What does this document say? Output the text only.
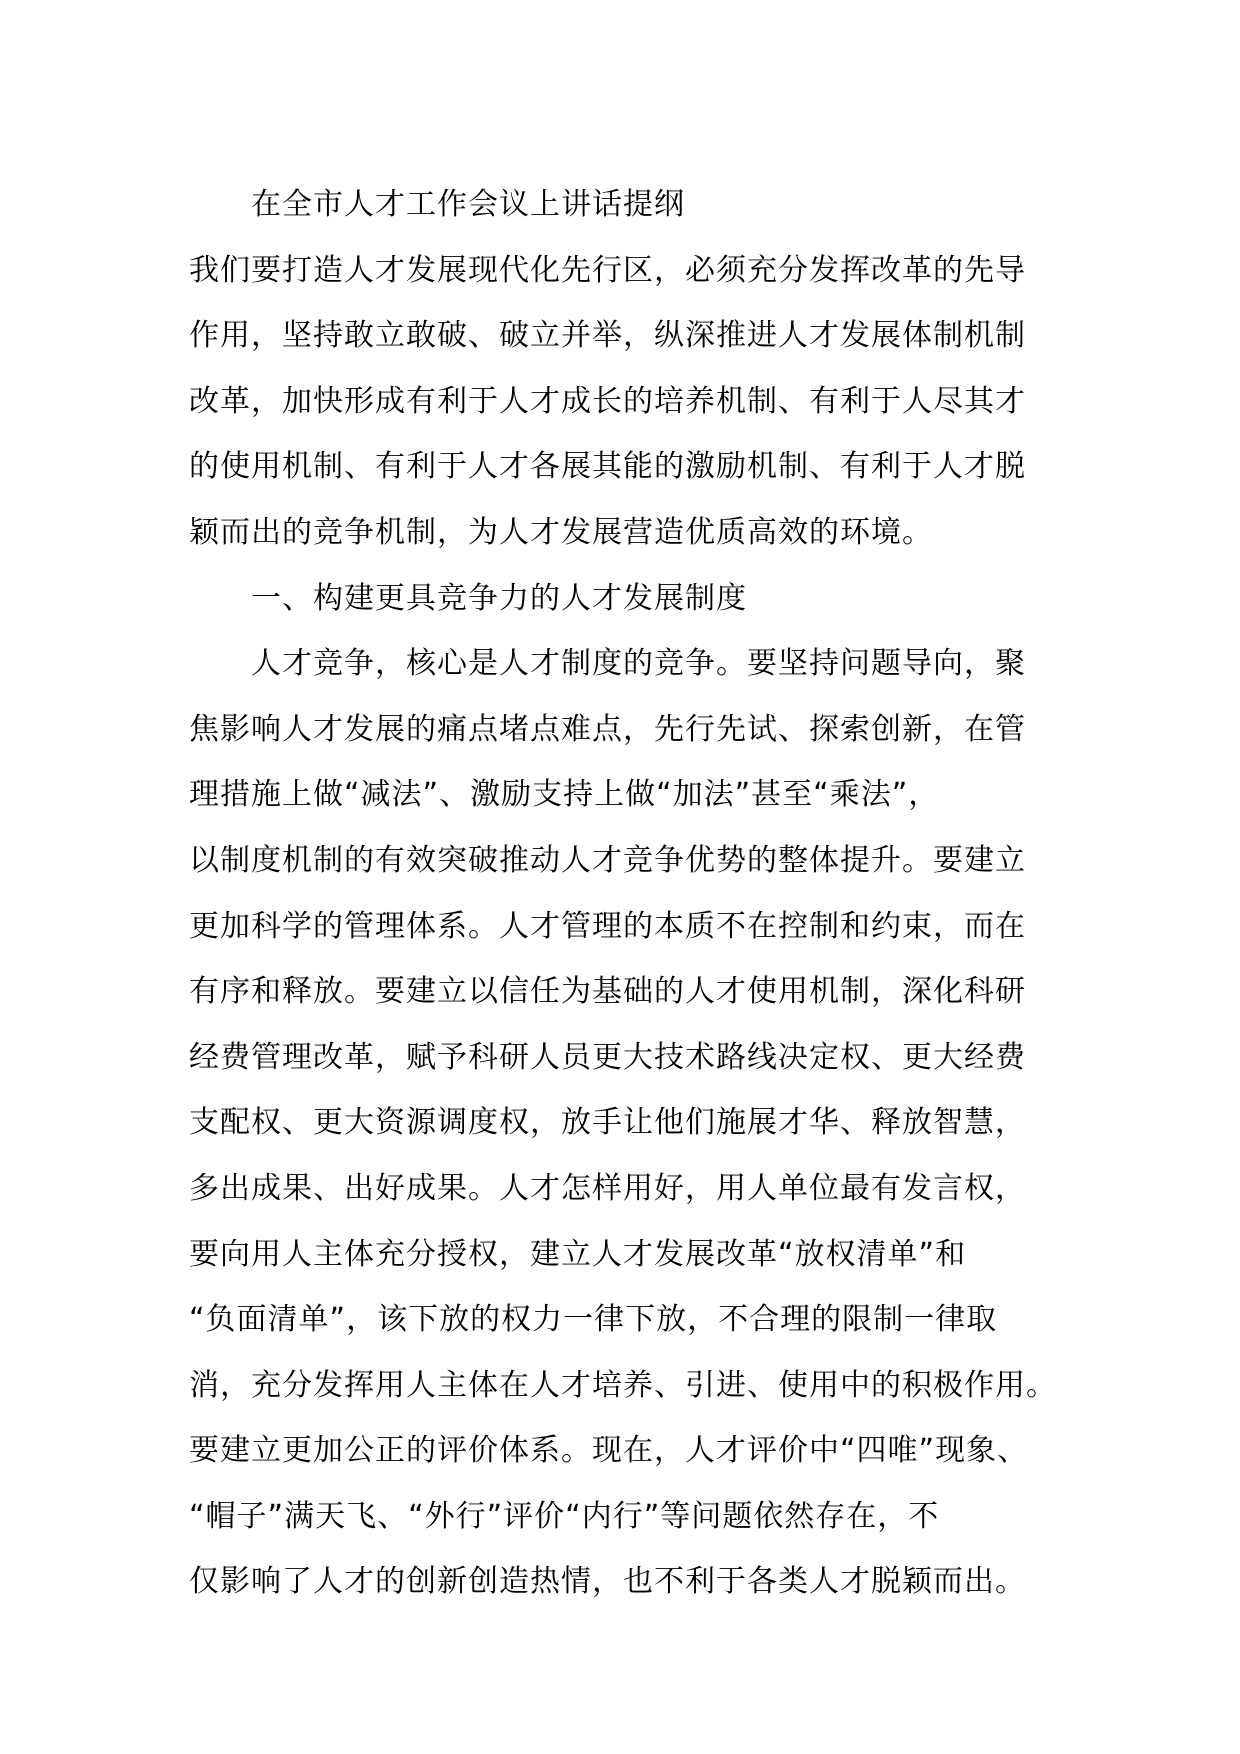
在全市人才工作会议上讲话提纲
我们要打造人才发展现代化先行区，必须充分发挥改革的先导
作用，坚持敢立敢破、破立并举，纵深推进人才发展体制机制
改革，加快形成有利于人才成长的培养机制、有利于人尽其才
的使用机制、有利于人才各展其能的激励机制、有利于人才脱
颖而出的竞争机制，为人才发展营造优质高效的环境。
一、构建更具竞争力的人才发展制度
人才竞争，核心是人才制度的竞争。要坚持问题导向，聚
焦影响人才发展的痛点堵点难点，先行先试、探索创新，在管
理措施上做“减法”、激励支持上做“加法”甚至“乘法”，
以制度机制的有效突破推动人才竞争优势的整体提升。要建立
更加科学的管理体系。人才管理的本质不在控制和约束，而在
有序和释放。要建立以信任为基础的人才使用机制，深化科研
经费管理改革，赋予科研人员更大技术路线决定权、更大经费
支配权、更大资源调度权，放手让他们施展才华、释放智慧，
多出成果、出好成果。人才怎样用好，用人单位最有发言权，
要向用人主体充分授权，建立人才发展改革“放权清单”和
“负面清单”，该下放的权力一律下放，不合理的限制一律取
消，充分发挥用人主体在人才培养、引进、使用中的积极作用。
要建立更加公正的评价体系。现在，人才评价中“四唯”现象、
“帽子”满天飞、“外行”评价“内行”等问题依然存在，不
仅影响了人才的创新创造热情，也不利于各类人才脱颖而出。
